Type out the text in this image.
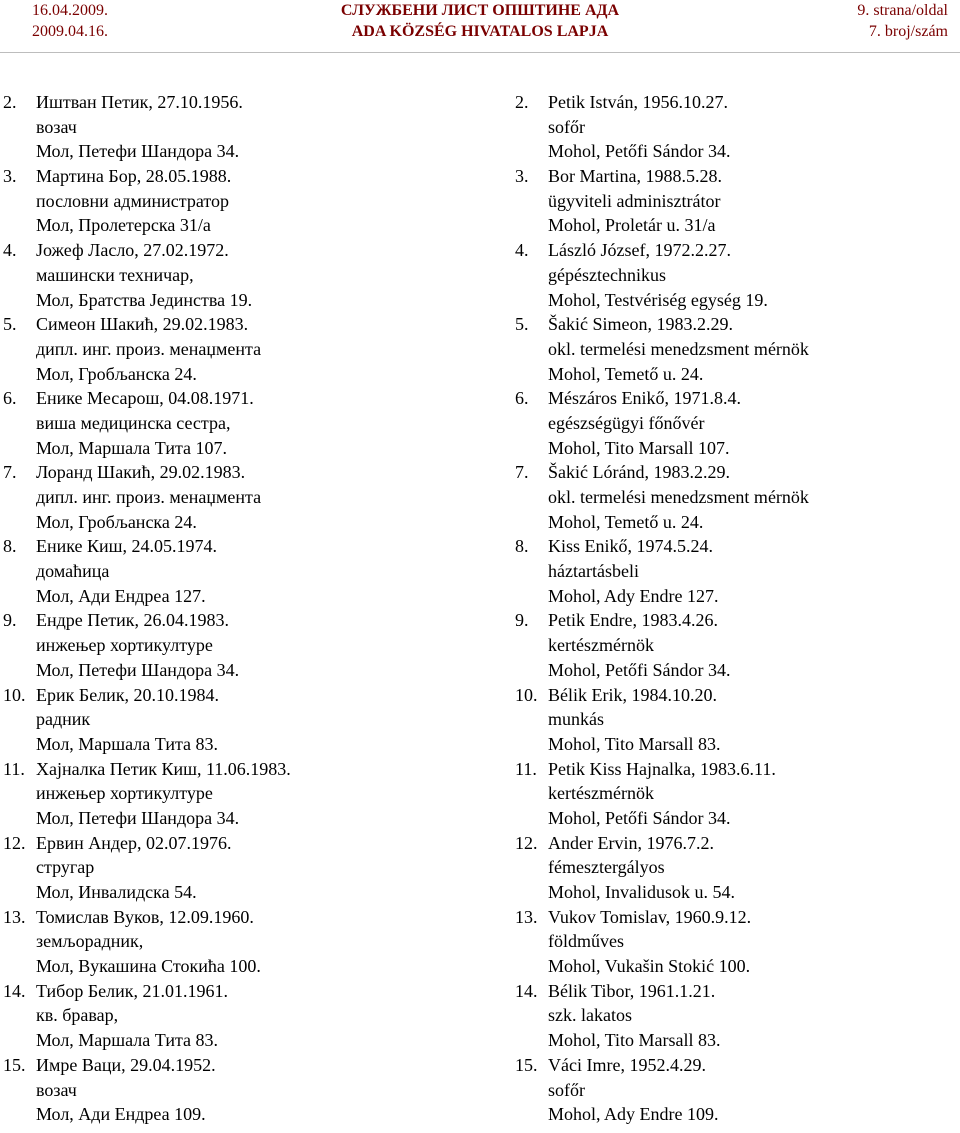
16.04.2009.
2009.04.16.
СЛУЖБЕНИ ЛИСТ ОПШТИНЕ АДА
ADA KÖZSÉG HIVATALOS LAPJA
9. strana/oldal
7. broj/szám
2.	Иштван Петик, 27.10.1956.
возач
Мол, Петефи Шандора 34.
3.	Мартина Бор, 28.05.1988.
пословни администратор
Мол, Пролетерска 31/а
4.	Јожеф Ласло, 27.02.1972.
машински техничар,
Мол, Братства Јединства 19.
5.	Симеон Шакић, 29.02.1983.
дипл. инг. произ. менаџмента
Мол, Гробљанска 24.
6.	Енике Месарош, 04.08.1971.
виша медицинска сестра,
Мол, Маршала Тита 107.
7.	Лоранд Шакић, 29.02.1983.
дипл. инг. произ. менаџмента
Мол, Гробљанска 24.
8.	Енике Киш, 24.05.1974.
домаћица
Мол, Ади Ендреа 127.
9.	Ендре Петик, 26.04.1983.
инжењер хортикултуре
Мол, Петефи Шандора 34.
10. Ерик Белик, 20.10.1984.
радник
Мол, Маршала Тита 83.
11. Хајналка Петик Киш, 11.06.1983.
инжењер хортикултуре
Мол, Петефи Шандора 34.
12. Ервин Андер, 02.07.1976.
стругар
Мол, Инвалидска 54.
13. Томислав Вуков, 12.09.1960.
земљорадник,
Мол, Вукашина Стокића 100.
14. Тибор Белик, 21.01.1961.
кв. бравар,
Мол, Маршала Тита 83.
15. Имре Ваци, 29.04.1952.
возач
Мол, Ади Ендреа 109.
2.	Petik István, 1956.10.27.
sofőr
Mohol, Petőfi Sándor 34.
3.	Bor Martina, 1988.5.28.
ügyviteli adminisztrátor
Mohol, Proletár u. 31/a
4.	László József, 1972.2.27.
gépésztechnikus
Mohol, Testvériség egység 19.
5.	Šakić Simeon, 1983.2.29.
okl. termelési menedzsment mérnök
Mohol, Temető u. 24.
6.	Mészáros Enikő, 1971.8.4.
egészségügyi főnővér
Mohol, Tito Marsall 107.
7.	Šakić Lóránd, 1983.2.29.
okl. termelési menedzsment mérnök
Mohol, Temető u. 24.
8.	Kiss Enikő, 1974.5.24.
háztartásbeli
Mohol, Ady Endre 127.
9.	Petik Endre, 1983.4.26.
kertészmérnök
Mohol, Petőfi Sándor 34.
10. Bélik Erik, 1984.10.20.
munkás
Mohol, Tito Marsall 83.
11. Petik Kiss Hajnalka, 1983.6.11.
kertészmérnök
Mohol, Petőfi Sándor 34.
12. Ander Ervin, 1976.7.2.
fémesztergályos
Mohol, Invalidusok u. 54.
13. Vukov Tomislav, 1960.9.12.
földműves
Mohol, Vukašin Stokić 100.
14. Bélik Tibor, 1961.1.21.
szk. lakatos
Mohol, Tito Marsall 83.
15. Váci Imre, 1952.4.29.
sofőr
Mohol, Ady Endre 109.
